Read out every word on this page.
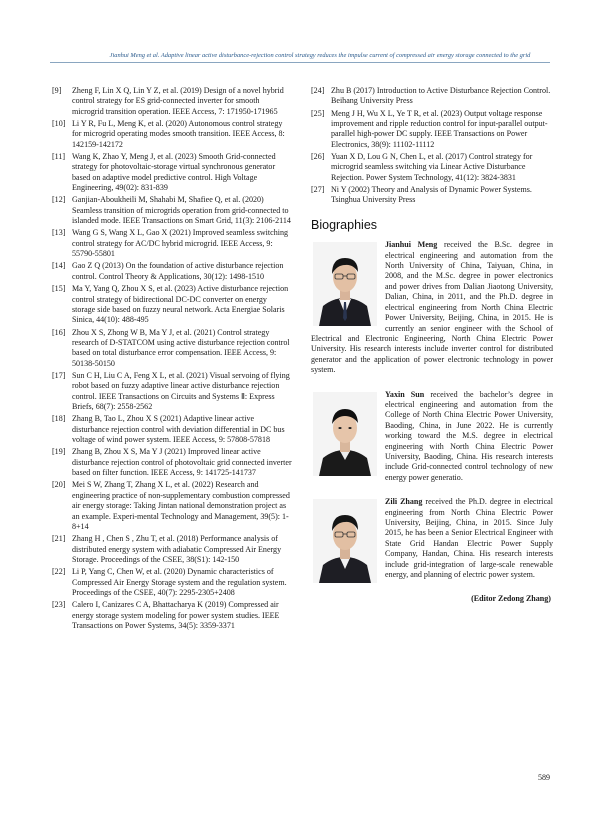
Jianhui Meng et al. Adaptive linear active disturbance-rejection control strategy reduces the impulse current of compressed air energy storage connected to the grid
[9]	Zheng F, Lin X Q, Lin Y Z, et al. (2019) Design of a novel hybrid control strategy for ES grid-connected inverter for smooth microgrid transition operation. IEEE Access, 7: 171950-171965
[10] Li Y R, Fu L, Meng K, et al. (2020) Autonomous control strategy for microgrid operating modes smooth transition. IEEE Access, 8: 142159-142172
[11] Wang K, Zhao Y, Meng J, et al. (2023) Smooth Grid-connected strategy for photovoltaic-storage virtual synchronous generator based on adaptive model predictive control. High Voltage Engineering, 49(02): 831-839
[12] Ganjian-Aboukheili M, Shahabi M, Shafiee Q, et al. (2020) Seamless transition of microgrids operation from grid-connected to islanded mode. IEEE Transactions on Smart Grid, 11(3): 2106-2114
[13] Wang G S, Wang X L, Gao X (2021) Improved seamless switching control strategy for AC/DC hybrid microgrid. IEEE Access, 9: 55790-55801
[14] Gao Z Q (2013) On the foundation of active disturbance rejection control. Control Theory & Applications, 30(12): 1498-1510
[15] Ma Y, Yang Q, Zhou X S, et al. (2023) Active disturbance rejection control strategy of bidirectional DC-DC converter on energy storage side based on fuzzy neural network. Acta Energiae Solaris Sinica, 44(10): 488-495
[16] Zhou X S, Zhong W B, Ma Y J, et al. (2021) Control strategy research of D-STATCOM using active disturbance rejection control based on total disturbance error compensation. IEEE Access, 9: 50138-50150
[17] Sun C H, Liu C A, Feng X L, et al. (2021) Visual servoing of flying robot based on fuzzy adaptive linear active disturbance rejection control. IEEE Transactions on Circuits and Systems Ⅱ: Express Briefs, 68(7): 2558-2562
[18] Zhang B, Tao L, Zhou X S (2021) Adaptive linear active disturbance rejection control with deviation differential in DC bus voltage of wind power system. IEEE Access, 9: 57808-57818
[19] Zhang B, Zhou X S, Ma Y J (2021) Improved linear active disturbance rejection control of photovoltaic grid connected inverter based on filter function. IEEE Access, 9: 141725-141737
[20] Mei S W, Zhang T, Zhang X L, et al. (2022) Research and engineering practice of non-supplementary combustion compressed air energy storage: Taking Jintan national demonstration project as an example. Experi-mental Technology and Management, 39(5): 1-8+14
[21] Zhang H , Chen S , Zhu T, et al. (2018) Performance analysis of distributed energy system with adiabatic Compressed Air Energy Storage. Proceedings of the CSEE, 38(S1): 142-150
[22] Li P, Yang C, Chen W, et al. (2020) Dynamic characteristics of Compressed Air Energy Storage system and the regulation system. Proceedings of the CSEE, 40(7): 2295-2305+2408
[23] Calero I, Canizares C A, Bhattacharya K (2019) Compressed air energy storage system modeling for power system studies. IEEE Transactions on Power Systems, 34(5): 3359-3371
[24] Zhu B (2017) Introduction to Active Disturbance Rejection Control. Beihang University Press
[25] Meng J H, Wu X L, Ye T R, et al. (2023) Output voltage response improvement and ripple reduction control for input-parallel output-parallel high-power DC supply. IEEE Transactions on Power Electronics, 38(9): 11102-11112
[26] Yuan X D, Lou G N, Chen L, et al. (2017) Control strategy for microgrid seamless switching via Linear Active Disturbance Rejection. Power System Technology, 41(12): 3824-3831
[27] Ni Y (2002) Theory and Analysis of Dynamic Power Systems. Tsinghua University Press
Biographies

Jianhui Meng received the B.Sc. degree in electrical engineering and automation from the North University of China, Taiyuan, China, in 2008, and the M.Sc. degree in power electronics and power drives from Dalian Jiaotong University, Dalian, China, in 2011, and the Ph.D. degree in electrical engineering from North China Electric Power University, Beijing, China, in 2015. He is currently an senior engineer with the School of Electrical and Electronic Engineering, North China Electric Power University. His research interests include inverter control for distributed generator and the application of power electronic technology in power system.

Yaxin Sun received the bachelor’s degree in electrical engineering and automation from the College of North China Electric Power University, Baoding, China, in June 2022. He is currently working toward the M.S. degree in electrical engineering with North China Electric Power University, Baoding, China. His research interests include Grid-connected control technology of new energy power generatio.

Zili Zhang received the Ph.D. degree in electrical engineering from North China Electric Power University, Beijing, China, in 2015. Since July 2015, he has been a Senior Electrical Engineer with State Grid Handan Electric Power Supply Company, Handan, China. His research interests include grid-integration of large-scale renewable energy, and planning of electric power system.

(Editor Zedong Zhang)
589
